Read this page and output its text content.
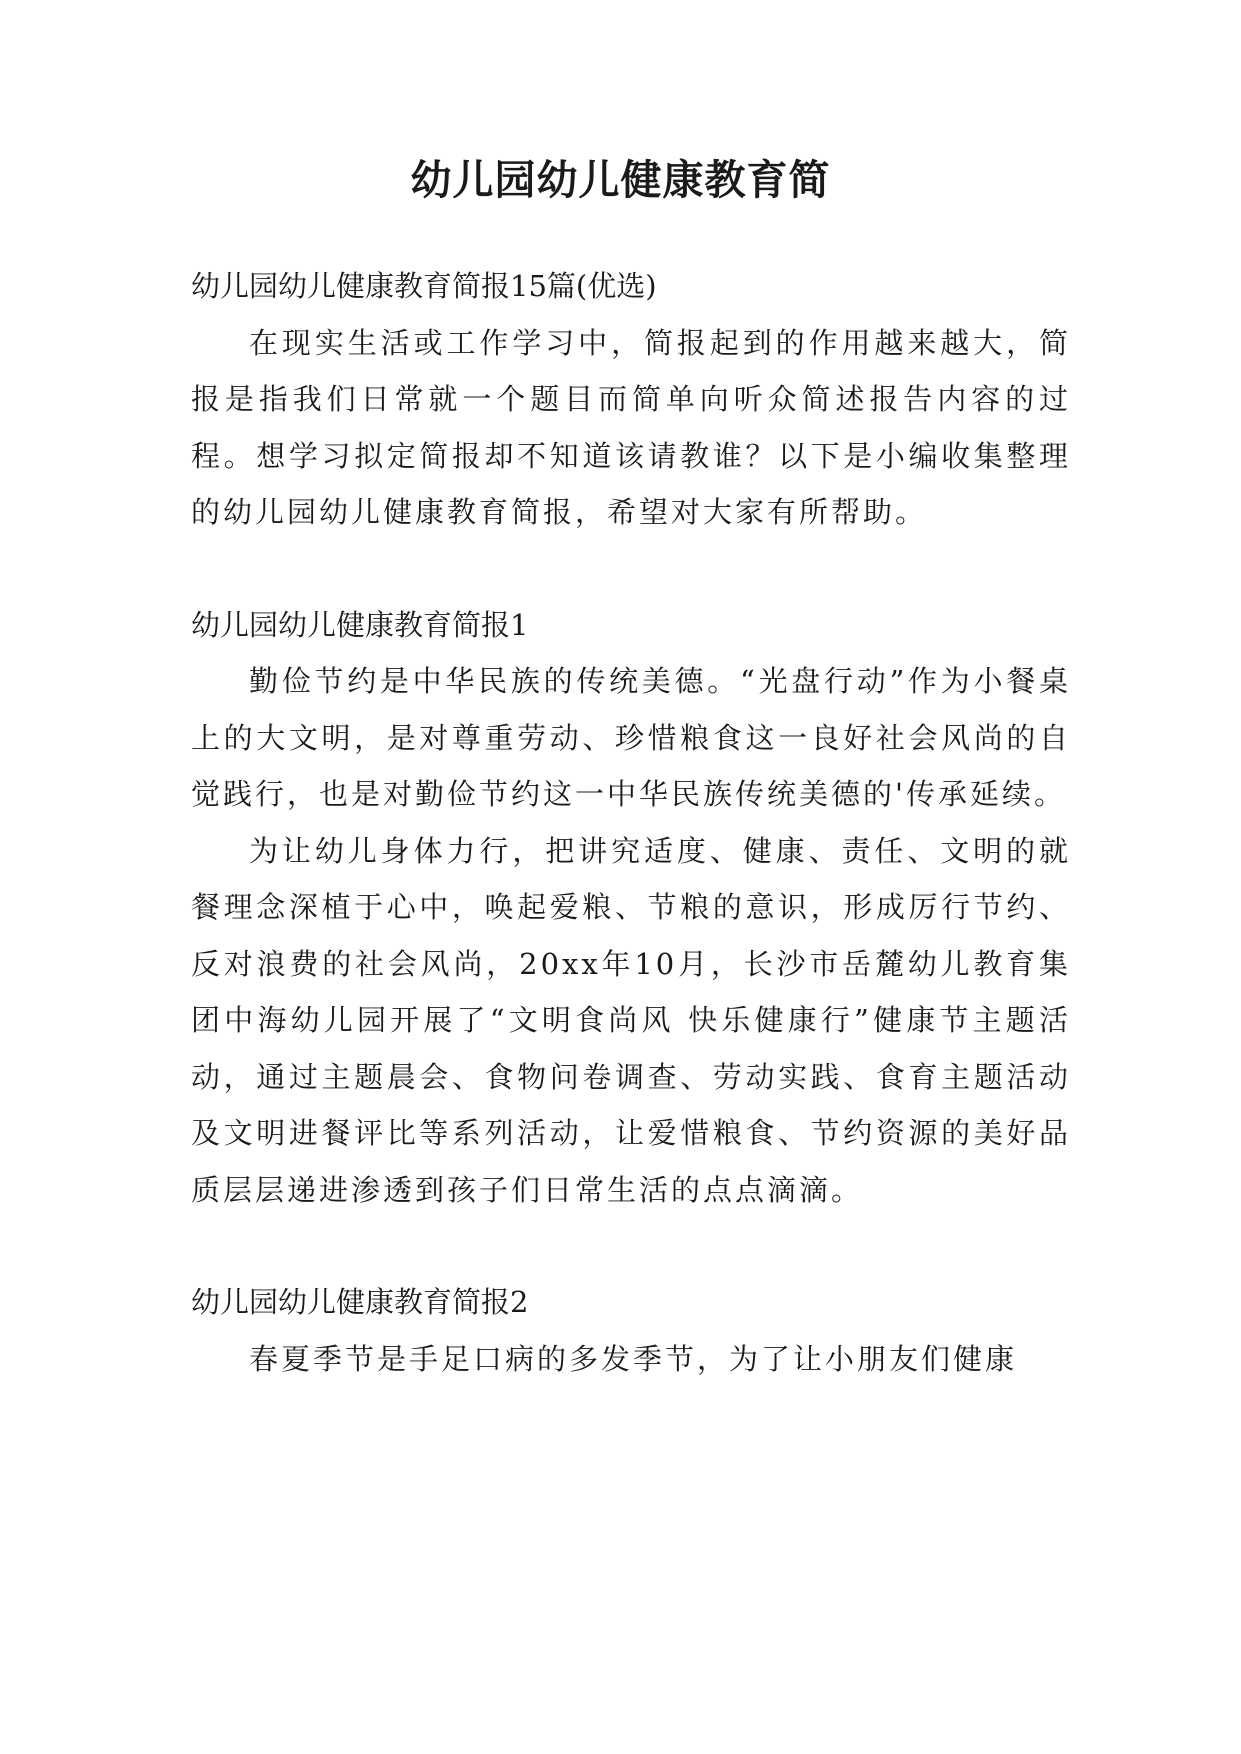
幼儿园幼儿健康教育简

幼儿园幼儿健康教育简报15篇(优选)

在现实生活或工作学习中，简报起到的作用越来越大，简报是指我们日常就一个题目而简单向听众简述报告内容的过程。想学习拟定简报却不知道该请教谁？以下是小编收集整理的幼儿园幼儿健康教育简报，希望对大家有所帮助。

幼儿园幼儿健康教育简报1

勤俭节约是中华民族的传统美德。“光盘行动”作为小餐桌上的大文明，是对尊重劳动、珍惜粮食这一良好社会风尚的自觉践行，也是对勤俭节约这一中华民族传统美德的'传承延续。

为让幼儿身体力行，把讲究适度、健康、责任、文明的就餐理念深植于心中，唤起爱粮、节粮的意识，形成厉行节约、反对浪费的社会风尚，20xx年10月，长沙市岳麓幼儿教育集团中海幼儿园开展了“文明食尚风 快乐健康行”健康节主题活动，通过主题晨会、食物问卷调查、劳动实践、食育主题活动及文明进餐评比等系列活动，让爱惜粮食、节约资源的美好品质层层递进渗透到孩子们日常生活的点点滴滴。

幼儿园幼儿健康教育简报2

春夏季节是手足口病的多发季节，为了让小朋友们健康
